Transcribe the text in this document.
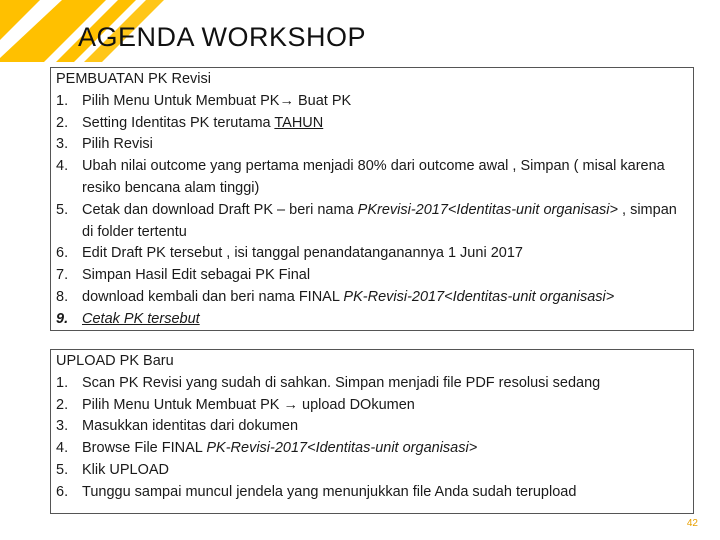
AGENDA WORKSHOP
PEMBUATAN PK Revisi
1. Pilih Menu Untuk Membuat PK→ Buat PK
2. Setting Identitas PK terutama TAHUN
3. Pilih Revisi
4. Ubah nilai outcome yang pertama menjadi 80% dari outcome awal , Simpan ( misal karena resiko bencana alam tinggi)
5. Cetak dan download Draft PK – beri nama PKrevisi-2017<Identitas-unit organisasi> , simpan di folder tertentu
6. Edit Draft PK tersebut , isi tanggal penandatanganannya 1 Juni 2017
7. Simpan Hasil Edit sebagai PK Final
8. download kembali dan beri nama FINAL PK-Revisi-2017<Identitas-unit organisasi>
9. Cetak PK tersebut
UPLOAD PK Baru
1. Scan PK Revisi yang sudah di sahkan. Simpan menjadi file PDF resolusi sedang
2. Pilih Menu Untuk Membuat PK → upload DOkumen
3. Masukkan identitas dari dokumen
4. Browse File FINAL PK-Revisi-2017<Identitas-unit organisasi>
5. Klik UPLOAD
6. Tunggu sampai muncul jendela yang menunjukkan file Anda sudah terupload
42
